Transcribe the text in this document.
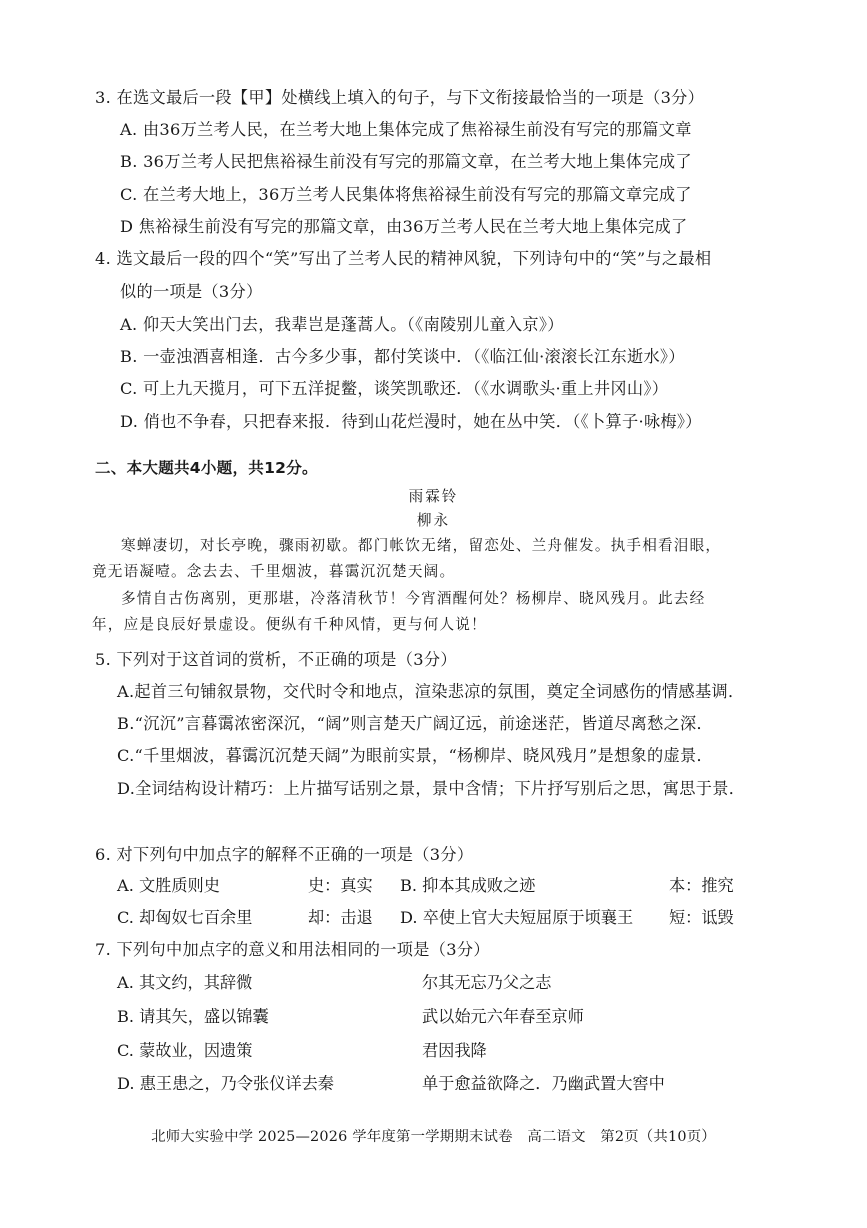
3. 在选文最后一段【甲】处横线上填入的句子，与下文衔接最恰当的一项是（3分）
A. 由36万兰考人民，在兰考大地上集体完成了焦裕禄生前没有写完的那篇文章
B. 36万兰考人民把焦裕禄生前没有写完的那篇文章，在兰考大地上集体完成了
C. 在兰考大地上，36万兰考人民集体将焦裕禄生前没有写完的那篇文章完成了
D 焦裕禄生前没有写完的那篇文章，由36万兰考人民在兰考大地上集体完成了
4. 选文最后一段的四个“笑”写出了兰考人民的精神风貌，下列诗句中的“笑”与之最相
似的一项是（3分）
A. 仰天大笑出门去，我辈岂是蓬蒿人。（《南陵别儿童入京》）
B. 一壶浊酒喜相逢．古今多少事，都付笑谈中．（《临江仙·滚滚长江东逝水》）
C. 可上九天揽月，可下五洋捉鳖，谈笑凯歌还．（《水调歌头·重上井冈山》）
D. 俏也不争春，只把春来报．待到山花烂漫时，她在丛中笑．（《卜算子·咏梅》）
二、本大题共4小题，共12分。
雨霖铃
柳永
寒蝉凄切，对长亭晚，骤雨初歇。都门帐饮无绪，留恋处、兰舟催发。执手相看泪眼，
竟无语凝噎。念去去、千里烟波，暮霭沉沉楚天阔。
多情自古伤离别，更那堪，冷落清秋节！今宵酒醒何处？杨柳岸、晓风残月。此去经
年，应是良辰好景虚设。便纵有千种风情，更与何人说！
5. 下列对于这首词的赏析，不正确的项是（3分）
A.起首三句铺叙景物，交代时令和地点，渲染悲凉的氛围，奠定全词感伤的情感基调．
B.“沉沉”言暮霭浓密深沉，“阔”则言楚天广阔辽远，前途迷茫，皆道尽离愁之深．
C.“千里烟波，暮霭沉沉楚天阔”为眼前实景，“杨柳岸、晓风残月”是想象的虚景．
D.全词结构设计精巧：上片描写话别之景，景中含情；下片抒写别后之思，寓思于景．
6. 对下列句中加点字的解释不正确的一项是（3分）
A. 文胜质则史	史：真实 B. 抑本其成败之迹	本：推究
C. 却匈奴七百余里	却：击退 D. 卒使上官大夫短屈原于顷襄王 短：诋毁
7. 下列句中加点字的意义和用法相同的一项是（3分）
A. 其文约，其辞微	尔其无忘乃父之志
B. 请其矢，盛以锦囊	武以始元六年春至京师
C. 蒙故业，因遗策	君因我降
D. 惠王患之，乃令张仪详去秦	单于愈益欲降之．乃幽武置大窖中
北师大实验中学 2025—2026 学年度第一学期期末试卷　高二语文　第2页（共10页）
